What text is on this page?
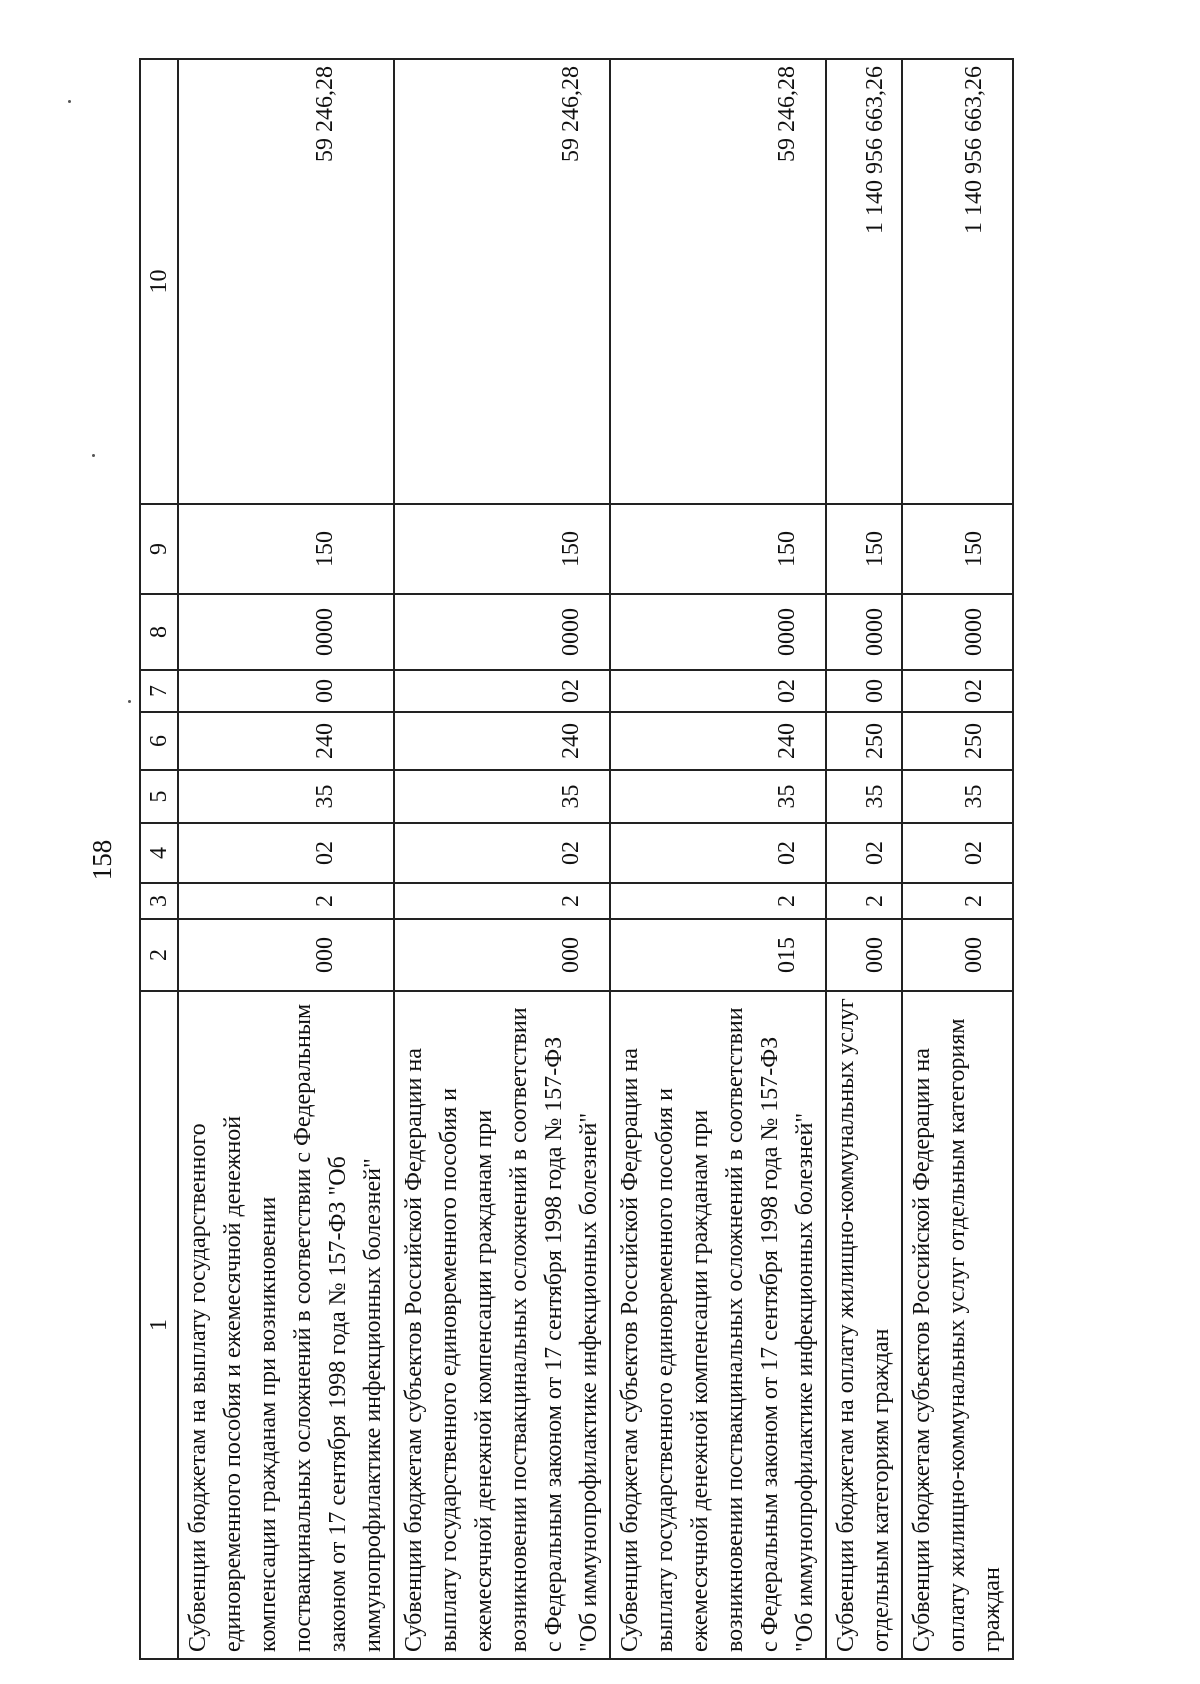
158
1	2	3	4	5	6	7	8	9	10
Субвенции бюджетам на выплату государственного единовременного пособия и ежемесячной денежной компенсации гражданам при возникновении поствакцинальных осложнений в соответствии с Федеральным законом от 17 сентября 1998 года № 157-ФЗ "Об иммунопрофилактике инфекционных болезней"	000	2	02	35	240	00	0000	150	59 246,28
Субвенции бюджетам субъектов Российской Федерации на выплату государственного единовременного пособия и ежемесячной денежной компенсации гражданам при возникновении поствакцинальных осложнений в соответствии с Федеральным законом от 17 сентября 1998 года № 157-ФЗ "Об иммунопрофилактике инфекционных болезней"	000	2	02	35	240	02	0000	150	59 246,28
Субвенции бюджетам субъектов Российской Федерации на выплату государственного единовременного пособия и ежемесячной денежной компенсации гражданам при возникновении поствакцинальных осложнений в соответствии с Федеральным законом от 17 сентября 1998 года № 157-ФЗ "Об иммунопрофилактике инфекционных болезней"	015	2	02	35	240	02	0000	150	59 246,28
Субвенции бюджетам на оплату жилищно-коммунальных услуг отдельным категориям граждан	000	2	02	35	250	00	0000	150	1 140 956 663,26
Субвенции бюджетам субъектов Российской Федерации на оплату жилищно-коммунальных услуг отдельным категориям граждан	000	2	02	35	250	02	0000	150	1 140 956 663,26
